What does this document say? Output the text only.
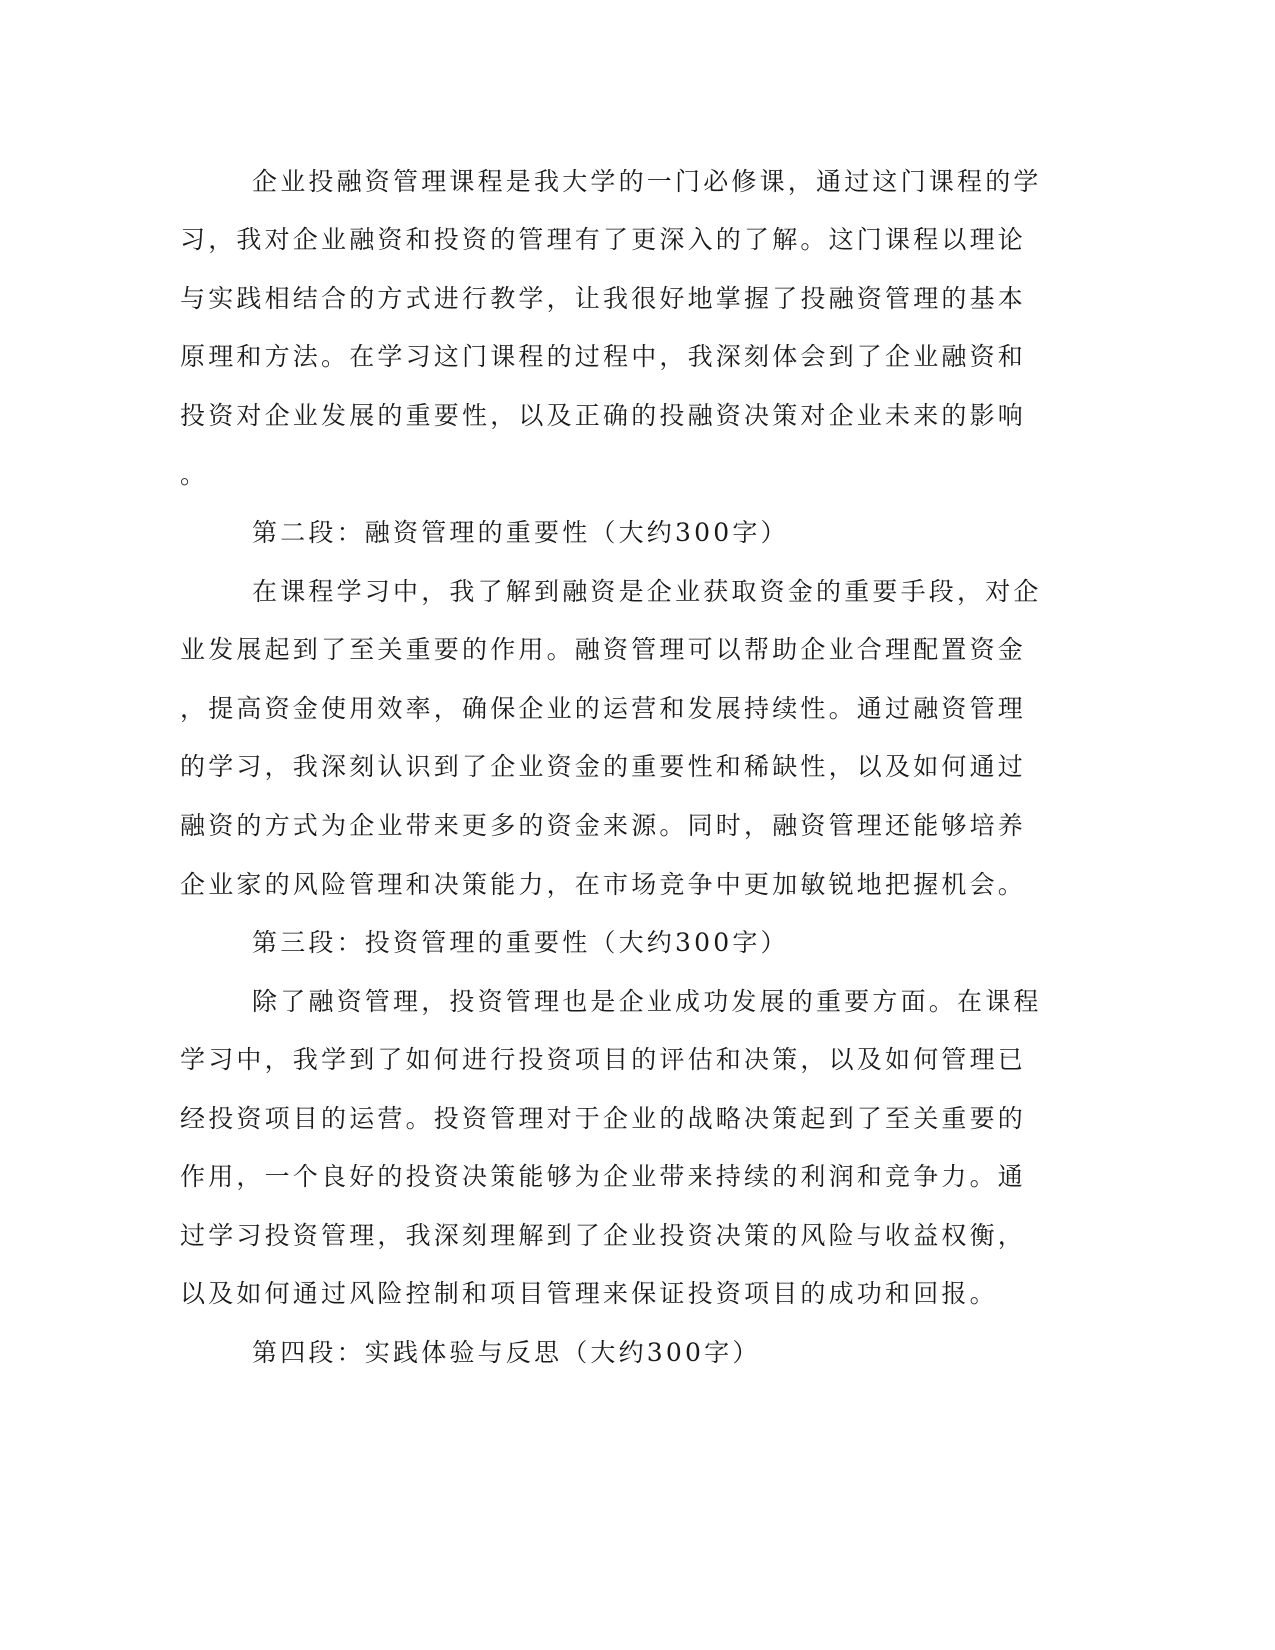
企业投融资管理课程是我大学的一门必修课，通过这门课程的学

习，我对企业融资和投资的管理有了更深入的了解。这门课程以理论

与实践相结合的方式进行教学，让我很好地掌握了投融资管理的基本

原理和方法。在学习这门课程的过程中，我深刻体会到了企业融资和

投资对企业发展的重要性，以及正确的投融资决策对企业未来的影响

。

第二段：融资管理的重要性（大约300字）

在课程学习中，我了解到融资是企业获取资金的重要手段，对企

业发展起到了至关重要的作用。融资管理可以帮助企业合理配置资金

，提高资金使用效率，确保企业的运营和发展持续性。通过融资管理

的学习，我深刻认识到了企业资金的重要性和稀缺性，以及如何通过

融资的方式为企业带来更多的资金来源。同时，融资管理还能够培养

企业家的风险管理和决策能力，在市场竞争中更加敏锐地把握机会。

第三段：投资管理的重要性（大约300字）

除了融资管理，投资管理也是企业成功发展的重要方面。在课程

学习中，我学到了如何进行投资项目的评估和决策，以及如何管理已

经投资项目的运营。投资管理对于企业的战略决策起到了至关重要的

作用，一个良好的投资决策能够为企业带来持续的利润和竞争力。通

过学习投资管理，我深刻理解到了企业投资决策的风险与收益权衡，

以及如何通过风险控制和项目管理来保证投资项目的成功和回报。

第四段：实践体验与反思（大约300字）
